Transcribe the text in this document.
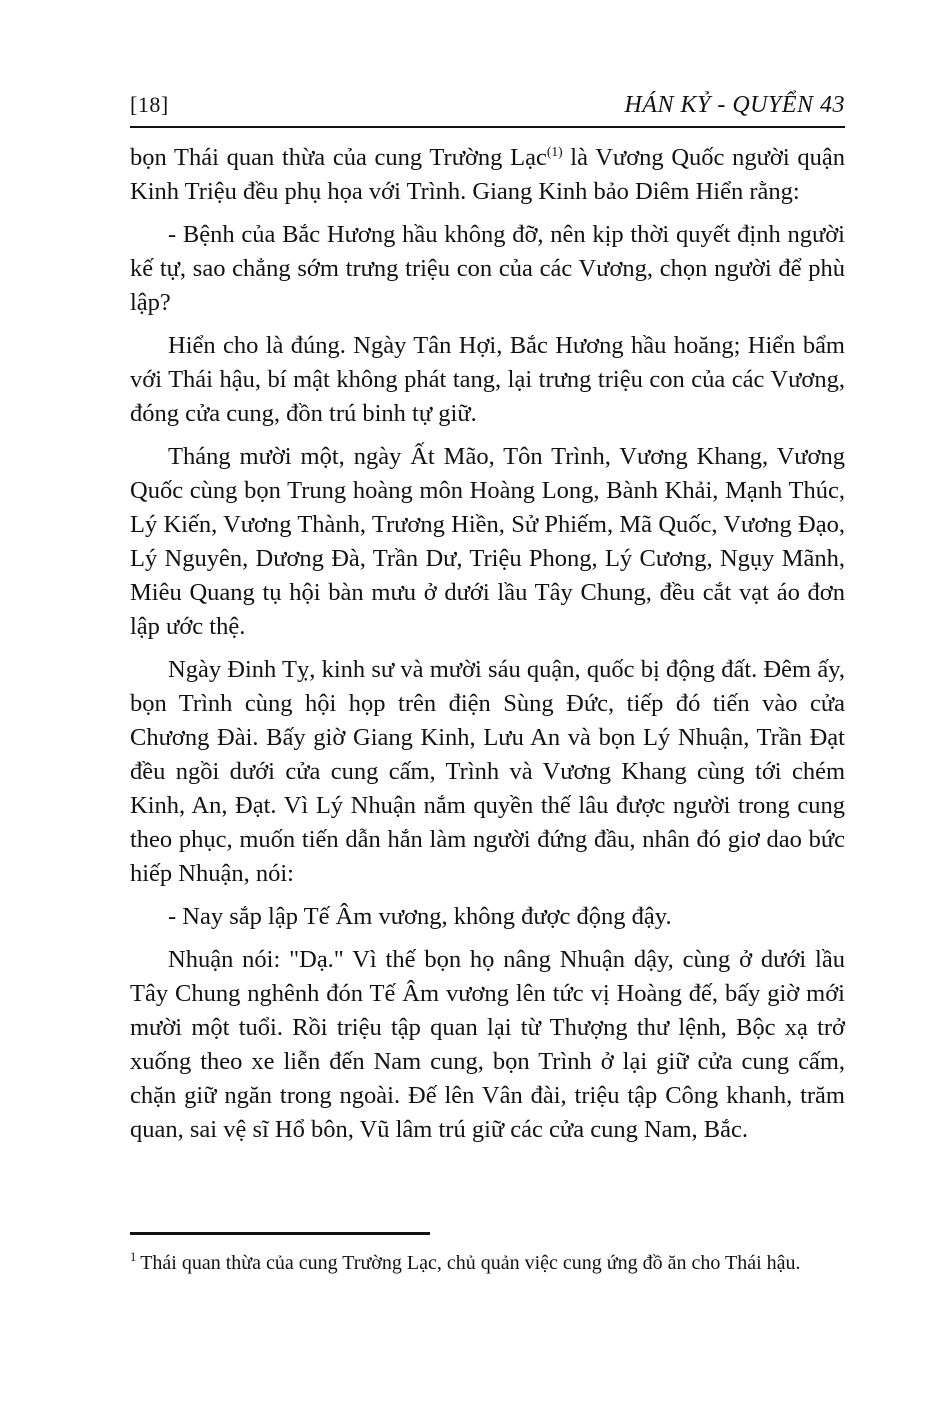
[18]	HÁN KỶ - QUYỂN 43

bọn Thái quan thừa của cung Trường Lạc$^{(1)}$ là Vương Quốc người quận Kinh Triệu đều phụ họa với Trình. Giang Kinh bảo Diêm Hiển rằng:

- Bệnh của Bắc Hương hầu không đỡ, nên kịp thời quyết định người kế tự, sao chẳng sớm trưng triệu con của các Vương, chọn người để phù lập?

Hiển cho là đúng. Ngày Tân Hợi, Bắc Hương hầu hoăng; Hiển bẩm với Thái hậu, bí mật không phát tang, lại trưng triệu con của các Vương, đóng cửa cung, đồn trú binh tự giữ.

Tháng mười một, ngày Ất Mão, Tôn Trình, Vương Khang, Vương Quốc cùng bọn Trung hoàng môn Hoàng Long, Bành Khải, Mạnh Thúc, Lý Kiến, Vương Thành, Trương Hiền, Sử Phiếm, Mã Quốc, Vương Đạo, Lý Nguyên, Dương Đà, Trần Dư, Triệu Phong, Lý Cương, Ngụy Mãnh, Miêu Quang tụ hội bàn mưu ở dưới lầu Tây Chung, đều cắt vạt áo đơn lập ước thệ.

Ngày Đinh Tỵ, kinh sư và mười sáu quận, quốc bị động đất. Đêm ấy, bọn Trình cùng hội họp trên điện Sùng Đức, tiếp đó tiến vào cửa Chương Đài. Bấy giờ Giang Kinh, Lưu An và bọn Lý Nhuận, Trần Đạt đều ngồi dưới cửa cung cấm, Trình và Vương Khang cùng tới chém Kinh, An, Đạt. Vì Lý Nhuận nắm quyền thế lâu được người trong cung theo phục, muốn tiến dẫn hắn làm người đứng đầu, nhân đó giơ dao bức hiếp Nhuận, nói:

- Nay sắp lập Tế Âm vương, không được động đậy.

Nhuận nói: "Dạ." Vì thế bọn họ nâng Nhuận dậy, cùng ở dưới lầu Tây Chung nghênh đón Tế Âm vương lên tức vị Hoàng đế, bấy giờ mới mười một tuổi. Rồi triệu tập quan lại từ Thượng thư lệnh, Bộc xạ trở xuống theo xe liễn đến Nam cung, bọn Trình ở lại giữ cửa cung cấm, chặn giữ ngăn trong ngoài. Đế lên Vân đài, triệu tập Công khanh, trăm quan, sai vệ sĩ Hổ bôn, Vũ lâm trú giữ các cửa cung Nam, Bắc.

$^1$ Thái quan thừa của cung Trường Lạc, chủ quản việc cung ứng đồ ăn cho Thái hậu.
